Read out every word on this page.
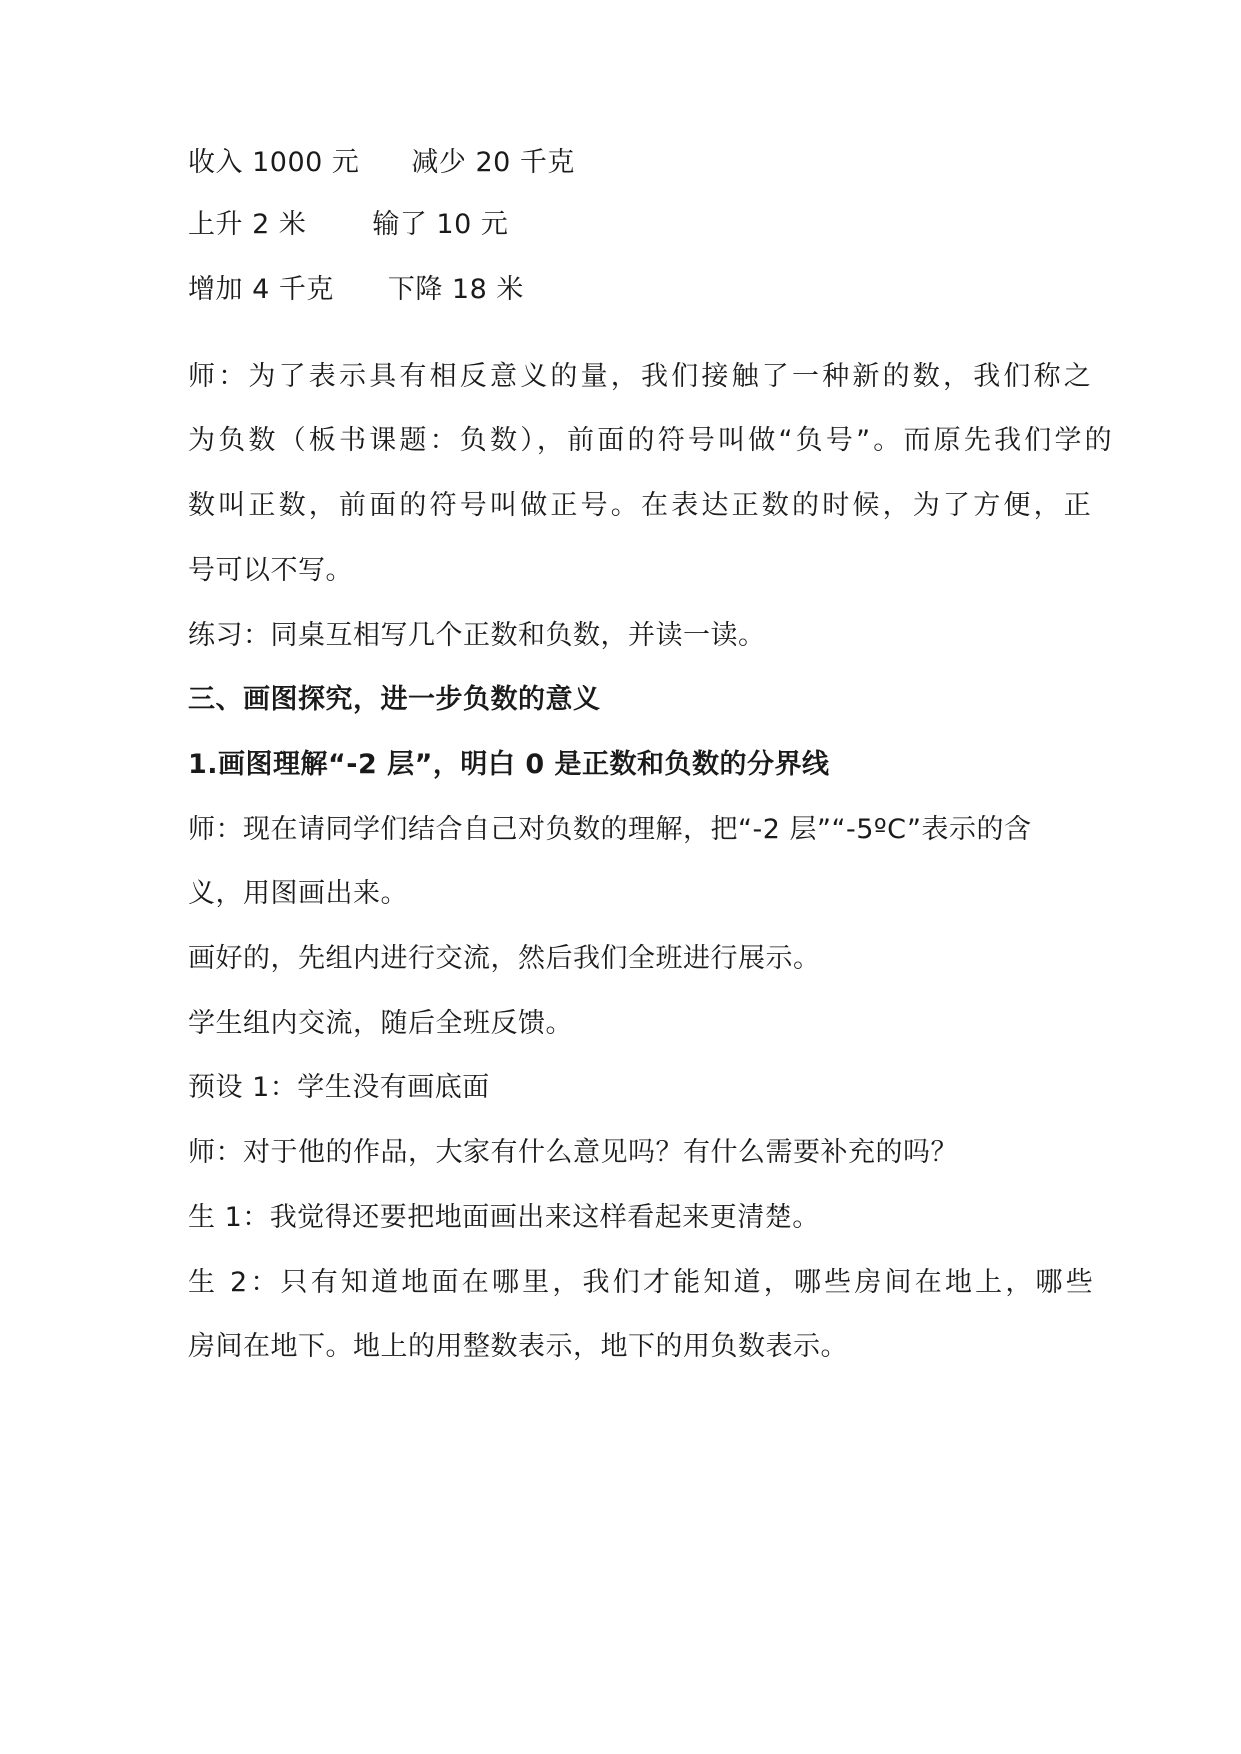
收入 1000 元 减少 20 千克
上升 2 米 输了 10 元
增加 4 千克 下降 18 米
师：为了表示具有相反意义的量，我们接触了一种新的数，我们称之
为负数（板书课题：负数），前面的符号叫做“负号”。而原先我们学的
数叫正数，前面的符号叫做正号。在表达正数的时候，为了方便，正
号可以不写。
练习：同桌互相写几个正数和负数，并读一读。
三、画图探究，进一步负数的意义
1.画图理解“-2 层”，明白 0 是正数和负数的分界线
师：现在请同学们结合自己对负数的理解，把“-2 层”“-5ºC”表示的含
义，用图画出来。
画好的，先组内进行交流，然后我们全班进行展示。
学生组内交流，随后全班反馈。
预设 1：学生没有画底面
师：对于他的作品，大家有什么意见吗？有什么需要补充的吗？
生 1：我觉得还要把地面画出来这样看起来更清楚。
生 2：只有知道地面在哪里，我们才能知道，哪些房间在地上，哪些
房间在地下。地上的用整数表示，地下的用负数表示。
